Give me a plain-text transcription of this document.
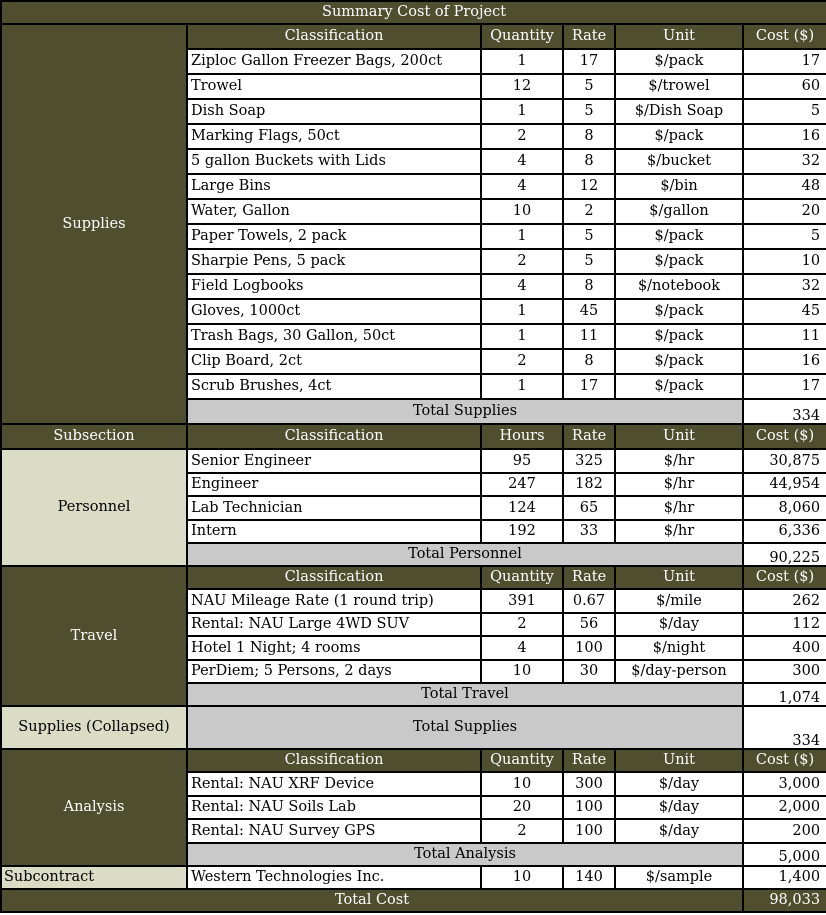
Summary Cost of Project					
Supplies	Classification	Quantity	Rate	Unit	Cost ($)
	Ziploc Gallon Freezer Bags, 200ct	1	17	$/pack	17
	Trowel	12	5	$/trowel	60
	Dish Soap	1	5	$/Dish Soap	5
	Marking Flags, 50ct	2	8	$/pack	16
	5 gallon Buckets with Lids	4	8	$/bucket	32
	Large Bins	4	12	$/bin	48
	Water, Gallon	10	2	$/gallon	20
	Paper Towels, 2 pack	1	5	$/pack	5
	Sharpie Pens, 5 pack	2	5	$/pack	10
	Field Logbooks	4	8	$/notebook	32
	Gloves, 1000ct	1	45	$/pack	45
	Trash Bags, 30 Gallon, 50ct	1	11	$/pack	11
	Clip Board, 2ct	2	8	$/pack	16
	Scrub Brushes, 4ct	1	17	$/pack	17
	Total Supplies				334
Subsection	Classification	Hours	Rate	Unit	Cost ($)
Personnel	Senior Engineer	95	325	$/hr	30,875
	Engineer	247	182	$/hr	44,954
	Lab Technician	124	65	$/hr	8,060
	Intern	192	33	$/hr	6,336
	Total Personnel				90,225
Travel	Classification	Quantity	Rate	Unit	Cost ($)
	NAU Mileage Rate (1 round trip)	391	0.67	$/mile	262
	Rental: NAU Large 4WD SUV	2	56	$/day	112
	Hotel 1 Night; 4 rooms	4	100	$/night	400
	PerDiem; 5 Persons, 2 days	10	30	$/day-person	300
	Total Travel				1,074
Supplies (Collapsed)	Total Supplies				334
Analysis	Classification	Quantity	Rate	Unit	Cost ($)
	Rental: NAU XRF Device	10	300	$/day	3,000
	Rental: NAU Soils Lab	20	100	$/day	2,000
	Rental: NAU Survey GPS	2	100	$/day	200
	Total Analysis				5,000
Subcontract	Western Technologies Inc.	10	140	$/sample	1,400
Total Cost					98,033
